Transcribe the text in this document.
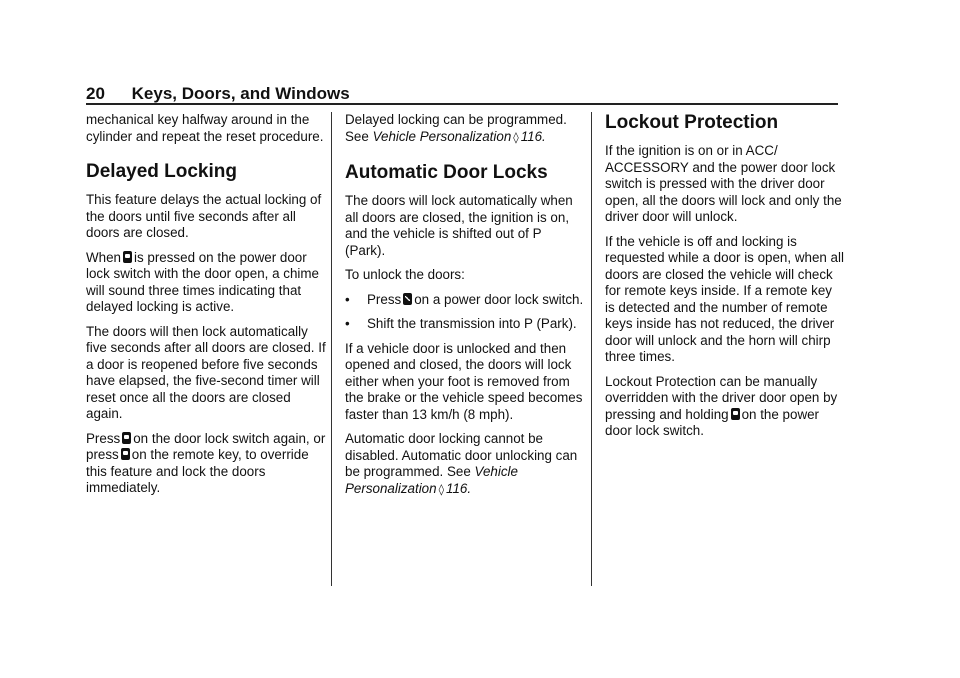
20 Keys, Doors, and Windows

mechanical key halfway around in the cylinder and repeat the reset procedure.

Delayed Locking

This feature delays the actual locking of the doors until five seconds after all doors are closed.

When is pressed on the power door lock switch with the door open, a chime will sound three times indicating that delayed locking is active.

The doors will then lock automatically five seconds after all doors are closed. If a door is reopened before five seconds have elapsed, the five-second timer will reset once all the doors are closed again.

Press on the door lock switch again, or press on the remote key, to override this feature and lock the doors immediately.

Delayed locking can be programmed. See Vehicle Personalization ◊ 116.

Automatic Door Locks

The doors will lock automatically when all doors are closed, the ignition is on, and the vehicle is shifted out of P (Park).

To unlock the doors:

•	Press on a power door lock switch.
•	Shift the transmission into P (Park).

If a vehicle door is unlocked and then opened and closed, the doors will lock either when your foot is removed from the brake or the vehicle speed becomes faster than 13 km/h (8 mph).

Automatic door locking cannot be disabled. Automatic door unlocking can be programmed. See Vehicle Personalization ◊ 116.

Lockout Protection

If the ignition is on or in ACC/ ACCESSORY and the power door lock switch is pressed with the driver door open, all the doors will lock and only the driver door will unlock.

If the vehicle is off and locking is requested while a door is open, when all doors are closed the vehicle will check for remote keys inside. If a remote key is detected and the number of remote keys inside has not reduced, the driver door will unlock and the horn will chirp three times.

Lockout Protection can be manually overridden with the driver door open by pressing and holding on the power door lock switch.
